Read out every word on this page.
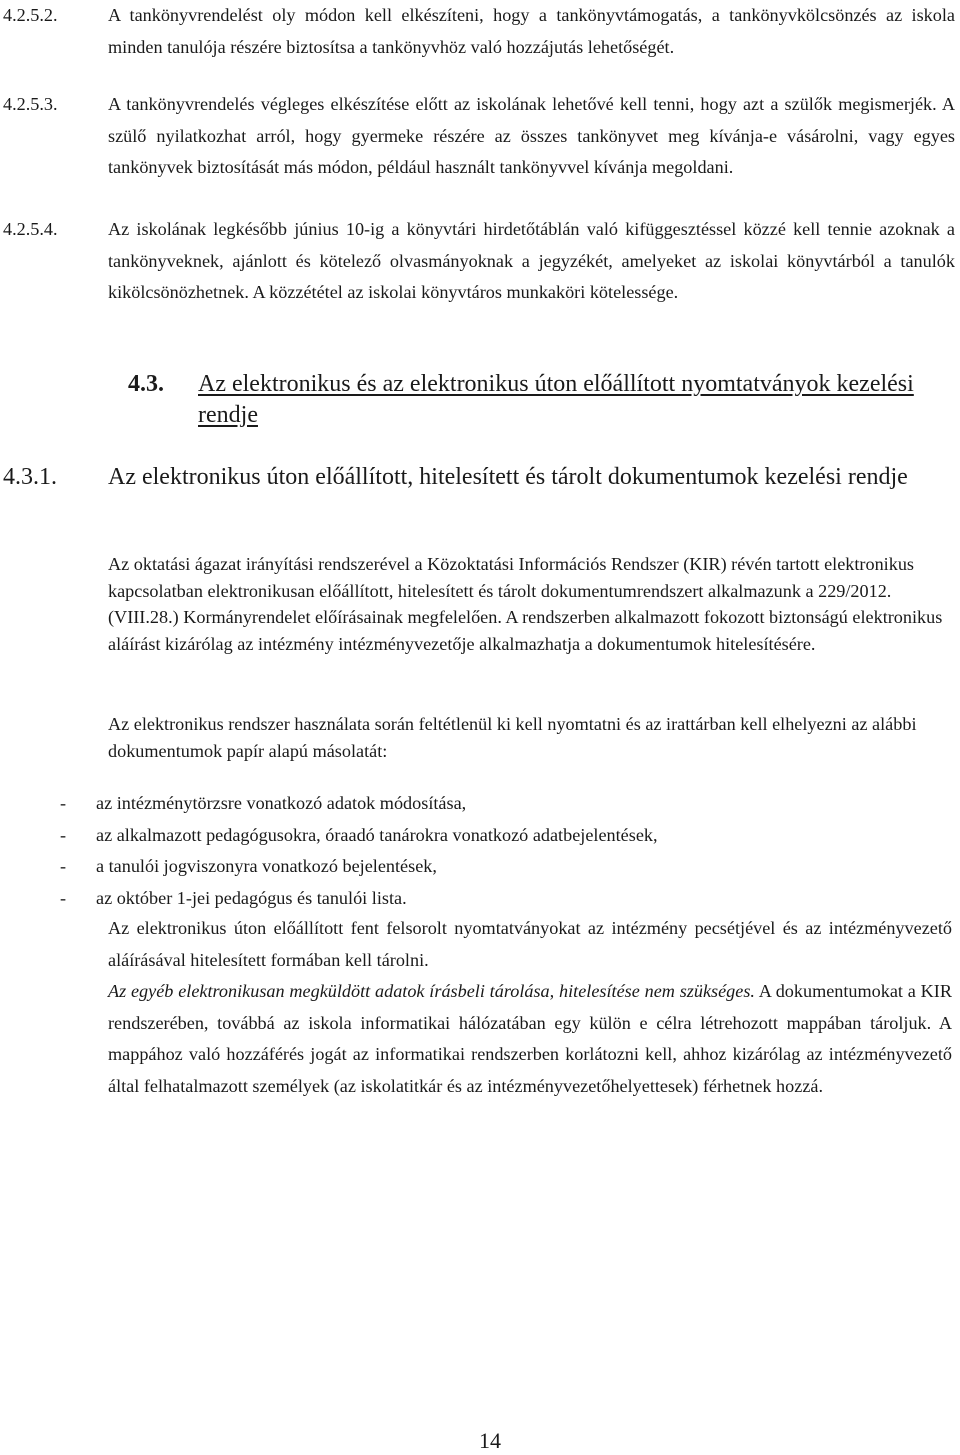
4.2.5.2.	A tankönyvrendelést oly módon kell elkészíteni, hogy a tankönyvtámogatás, a tankönyvkölcsönzés az iskola minden tanulója részére biztosítsa a tankönyvhöz való hozzájutás lehetőségét.
4.2.5.3.	A tankönyvrendelés végleges elkészítése előtt az iskolának lehetővé kell tenni, hogy azt a szülők megismerjék. A szülő nyilatkozhat arról, hogy gyermeke részére az összes tankönyvet meg kívánja-e vásárolni, vagy egyes tankönyvek biztosítását más módon, például használt tankönyvvel kívánja megoldani.
4.2.5.4.	Az iskolának legkésőbb június 10-ig a könyvtári hirdetőtáblán való kifüggesztéssel közzé kell tennie azoknak a tankönyveknek, ajánlott és kötelező olvasmányoknak a jegyzékét, amelyeket az iskolai könyvtárból a tanulók kikölcsönözhetnek. A közzététel az iskolai könyvtáros munkaköri kötelessége.
4.3. Az elektronikus és az elektronikus úton előállított nyomtatványok kezelési rendje
4.3.1. Az elektronikus úton előállított, hitelesített és tárolt dokumentumok kezelési rendje
Az oktatási ágazat irányítási rendszerével a Közoktatási Információs Rendszer (KIR) révén tartott elektronikus kapcsolatban elektronikusan előállított, hitelesített és tárolt dokumentumrendszert alkalmazunk a 229/2012. (VIII.28.) Kormányrendelet előírásainak megfelelően. A rendszerben alkalmazott fokozott biztonságú elektronikus aláírást kizárólag az intézmény intézményvezetője alkalmazhatja a dokumentumok hitelesítésére.
Az elektronikus rendszer használata során feltétlenül ki kell nyomtatni és az irattárban kell elhelyezni az alábbi dokumentumok papír alapú másolatát:
- az intézménytörzsre vonatkozó adatok módosítása,
- az alkalmazott pedagógusokra, óraadó tanárokra vonatkozó adatbejelentések,
- a tanulói jogviszonyra vonatkozó bejelentések,
- az október 1-jei pedagógus és tanulói lista.
Az elektronikus úton előállított fent felsorolt nyomtatványokat az intézmény pecsétjével és az intézményvezető aláírásával hitelesített formában kell tárolni.
Az egyéb elektronikusan megküldött adatok írásbeli tárolása, hitelesítése nem szükséges. A dokumentumokat a KIR rendszerében, továbbá az iskola informatikai hálózatában egy külön e célra létrehozott mappában tároljuk. A mappához való hozzáférés jogát az informatikai rendszerben korlátozni kell, ahhoz kizárólag az intézményvezető által felhatalmazott személyek (az iskolatitkár és az intézményvezetőhelyettesek) férhetnek hozzá.
14
